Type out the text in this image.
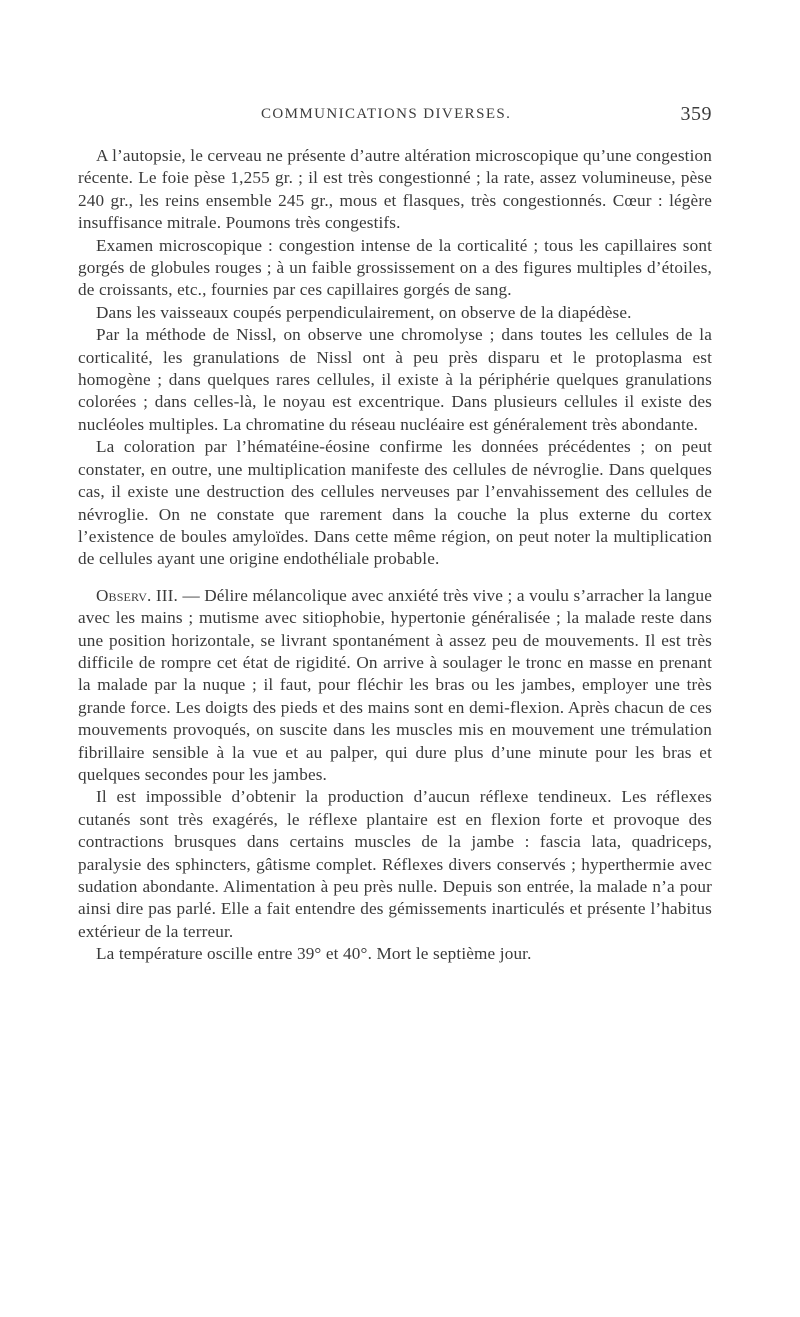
COMMUNICATIONS DIVERSES.	359

A l’autopsie, le cerveau ne présente d’autre altération microscopique qu’une congestion récente. Le foie pèse 1,255 gr. ; il est très congestionné ; la rate, assez volumineuse, pèse 240 gr., les reins ensemble 245 gr., mous et flasques, très congestionnés. Cœur : légère insuffisance mitrale. Poumons très congestifs.

Examen microscopique : congestion intense de la corticalité ; tous les capillaires sont gorgés de globules rouges ; à un faible grossissement on a des figures multiples d’étoiles, de croissants, etc., fournies par ces capillaires gorgés de sang.

Dans les vaisseaux coupés perpendiculairement, on observe de la diapédèse.

Par la méthode de Nissl, on observe une chromolyse ; dans toutes les cellules de la corticalité, les granulations de Nissl ont à peu près disparu et le protoplasma est homogène ; dans quelques rares cellules, il existe à la périphérie quelques granulations colorées ; dans celles-là, le noyau est excentrique. Dans plusieurs cellules il existe des nucléoles multiples. La chromatine du réseau nucléaire est généralement très abondante.

La coloration par l’hématéine-éosine confirme les données précédentes ; on peut constater, en outre, une multiplication manifeste des cellules de névroglie. Dans quelques cas, il existe une destruction des cellules nerveuses par l’envahissement des cellules de névroglie. On ne constate que rarement dans la couche la plus externe du cortex l’existence de boules amyloïdes. Dans cette même région, on peut noter la multiplication de cellules ayant une origine endothéliale probable.

Observ. III. — Délire mélancolique avec anxiété très vive ; a voulu s’arracher la langue avec les mains ; mutisme avec sitiophobie, hypertonie généralisée ; la malade reste dans une position horizontale, se livrant spontanément à assez peu de mouvements. Il est très difficile de rompre cet état de rigidité. On arrive à soulager le tronc en masse en prenant la malade par la nuque ; il faut, pour fléchir les bras ou les jambes, employer une très grande force. Les doigts des pieds et des mains sont en demi-flexion. Après chacun de ces mouvements provoqués, on suscite dans les muscles mis en mouvement une trémulation fibrillaire sensible à la vue et au palper, qui dure plus d’une minute pour les bras et quelques secondes pour les jambes.

Il est impossible d’obtenir la production d’aucun réflexe tendineux. Les réflexes cutanés sont très exagérés, le réflexe plantaire est en flexion forte et provoque des contractions brusques dans certains muscles de la jambe : fascia lata, quadriceps, paralysie des sphincters, gâtisme complet. Réflexes divers conservés ; hyperthermie avec sudation abondante. Alimentation à peu près nulle. Depuis son entrée, la malade n’a pour ainsi dire pas parlé. Elle a fait entendre des gémissements inarticulés et présente l’habitus extérieur de la terreur.

La température oscille entre 39° et 40°. Mort le septième jour.
